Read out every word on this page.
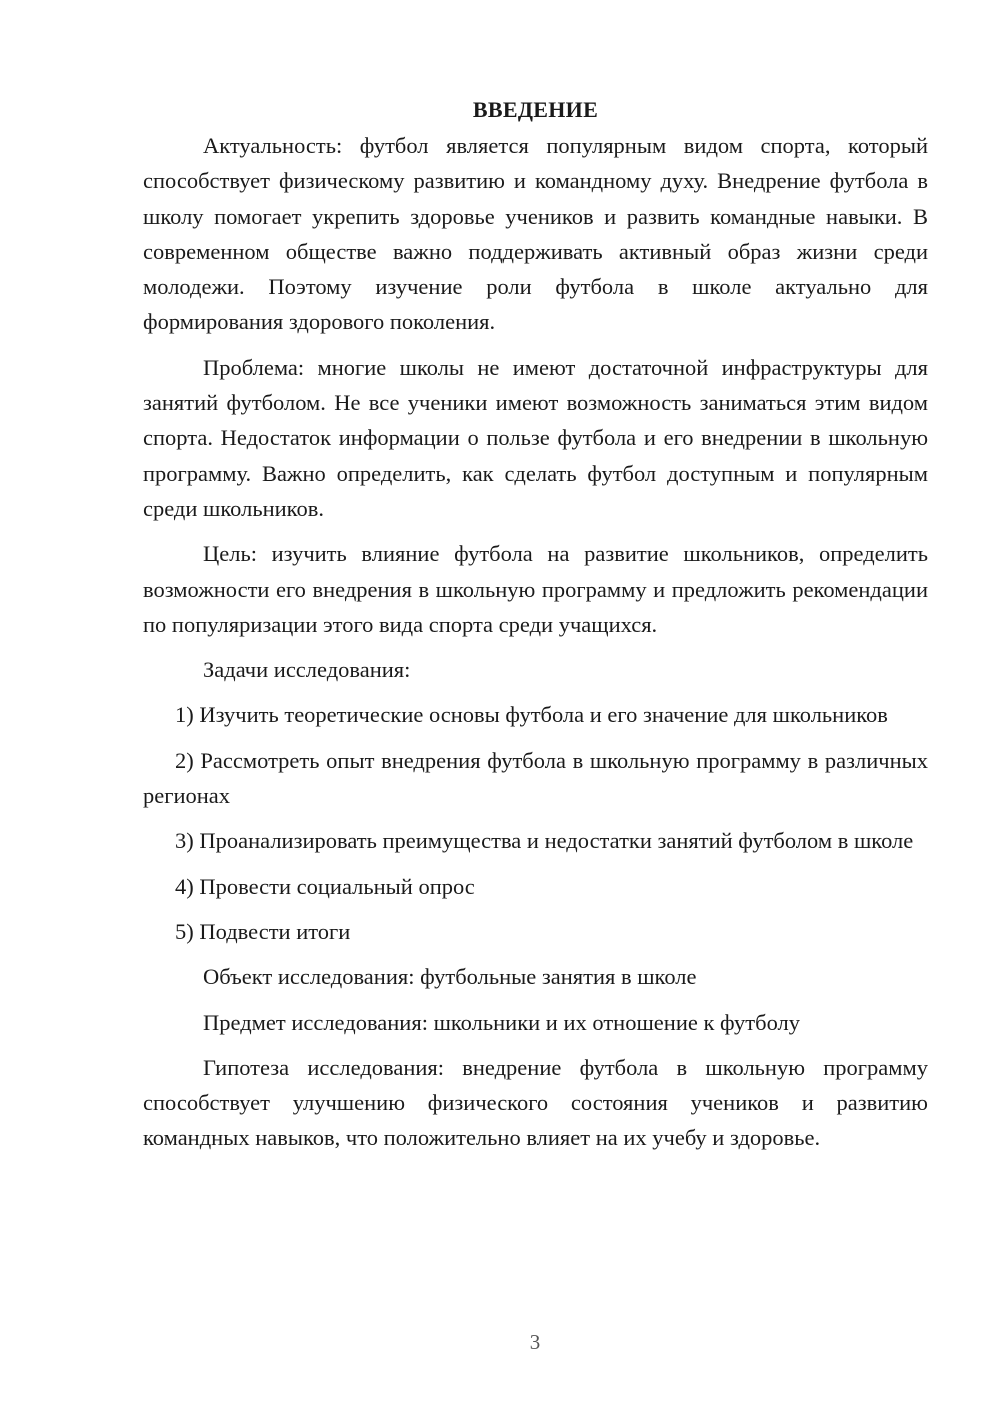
ВВЕДЕНИЕ

Актуальность: футбол является популярным видом спорта, который способствует физическому развитию и командному духу. Внедрение футбола в школу помогает укрепить здоровье учеников и развить командные навыки. В современном обществе важно поддерживать активный образ жизни среди молодежи. Поэтому изучение роли футбола в школе актуально для формирования здорового поколения.

Проблема: многие школы не имеют достаточной инфраструктуры для занятий футболом. Не все ученики имеют возможность заниматься этим видом спорта. Недостаток информации о пользе футбола и его внедрении в школьную программу. Важно определить, как сделать футбол доступным и популярным среди школьников.

Цель: изучить влияние футбола на развитие школьников, определить возможности его внедрения в школьную программу и предложить рекомендации по популяризации этого вида спорта среди учащихся.

Задачи исследования:

1) Изучить теоретические основы футбола и его значение для школьников

2) Рассмотреть опыт внедрения футбола в школьную программу в различных регионах

3) Проанализировать преимущества и недостатки занятий футболом в школе

4) Провести социальный опрос

5) Подвести итоги

Объект исследования: футбольные занятия в школе

Предмет исследования: школьники и их отношение к футболу

Гипотеза исследования: внедрение футбола в школьную программу способствует улучшению физического состояния учеников и развитию командных навыков, что положительно влияет на их учебу и здоровье.

3
